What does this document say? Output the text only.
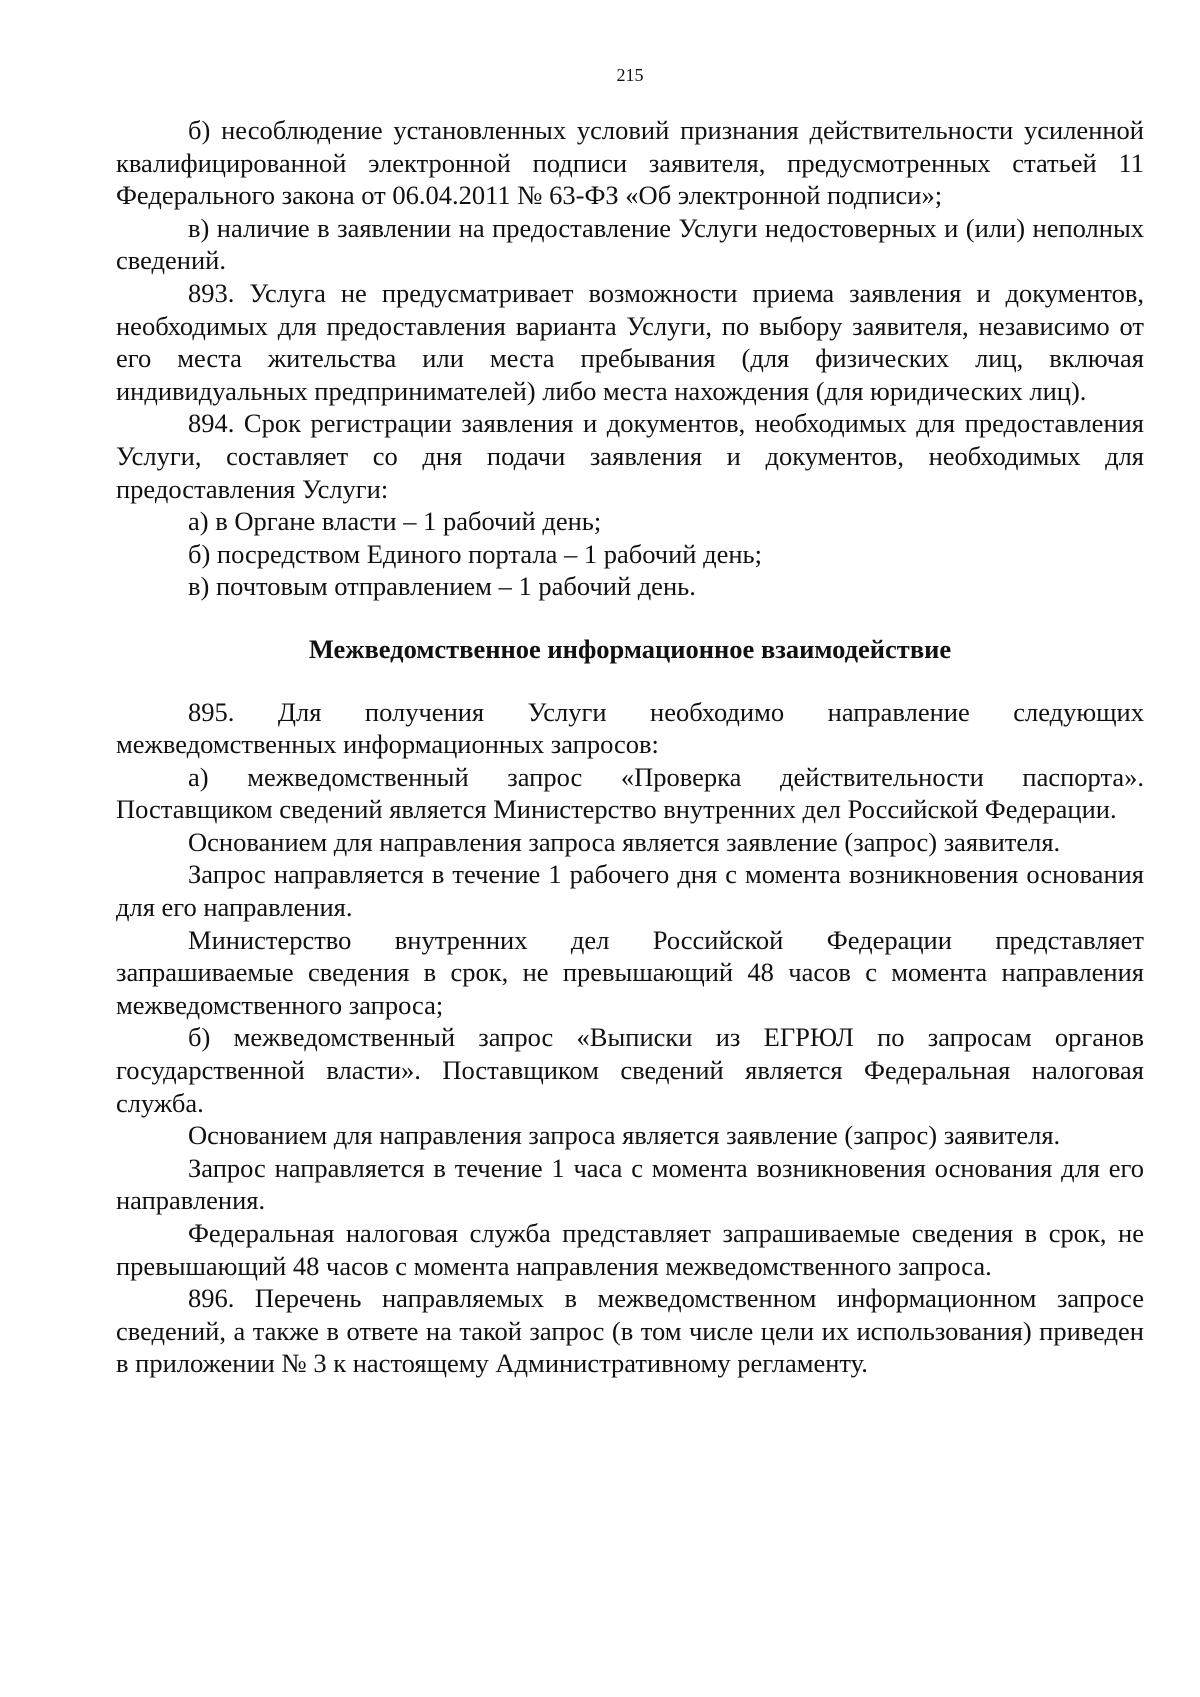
215

б) несоблюдение установленных условий признания действительности усиленной квалифицированной электронной подписи заявителя, предусмотренных статьей 11 Федерального закона от 06.04.2011 № 63-ФЗ «Об электронной подписи»;

в) наличие в заявлении на предоставление Услуги недостоверных и (или) неполных сведений.

893. Услуга не предусматривает возможности приема заявления и документов, необходимых для предоставления варианта Услуги, по выбору заявителя, независимо от его места жительства или места пребывания (для физических лиц, включая индивидуальных предпринимателей) либо места нахождения (для юридических лиц).

894. Срок регистрации заявления и документов, необходимых для предоставления Услуги, составляет со дня подачи заявления и документов, необходимых для предоставления Услуги:

а) в Органе власти – 1 рабочий день;

б) посредством Единого портала – 1 рабочий день;

в) почтовым отправлением – 1 рабочий день.

Межведомственное информационное взаимодействие

895. Для получения Услуги необходимо направление следующих межведомственных информационных запросов:

а) межведомственный запрос «Проверка действительности паспорта». Поставщиком сведений является Министерство внутренних дел Российской Федерации.

Основанием для направления запроса является заявление (запрос) заявителя.

Запрос направляется в течение 1 рабочего дня с момента возникновения основания для его направления.

Министерство внутренних дел Российской Федерации представляет запрашиваемые сведения в срок, не превышающий 48 часов с момента направления межведомственного запроса;

б) межведомственный запрос «Выписки из ЕГРЮЛ по запросам органов государственной власти». Поставщиком сведений является Федеральная налоговая служба.

Основанием для направления запроса является заявление (запрос) заявителя.

Запрос направляется в течение 1 часа с момента возникновения основания для его направления.

Федеральная налоговая служба представляет запрашиваемые сведения в срок, не превышающий 48 часов с момента направления межведомственного запроса.

896. Перечень направляемых в межведомственном информационном запросе сведений, а также в ответе на такой запрос (в том числе цели их использования) приведен в приложении № 3 к настоящему Административному регламенту.
